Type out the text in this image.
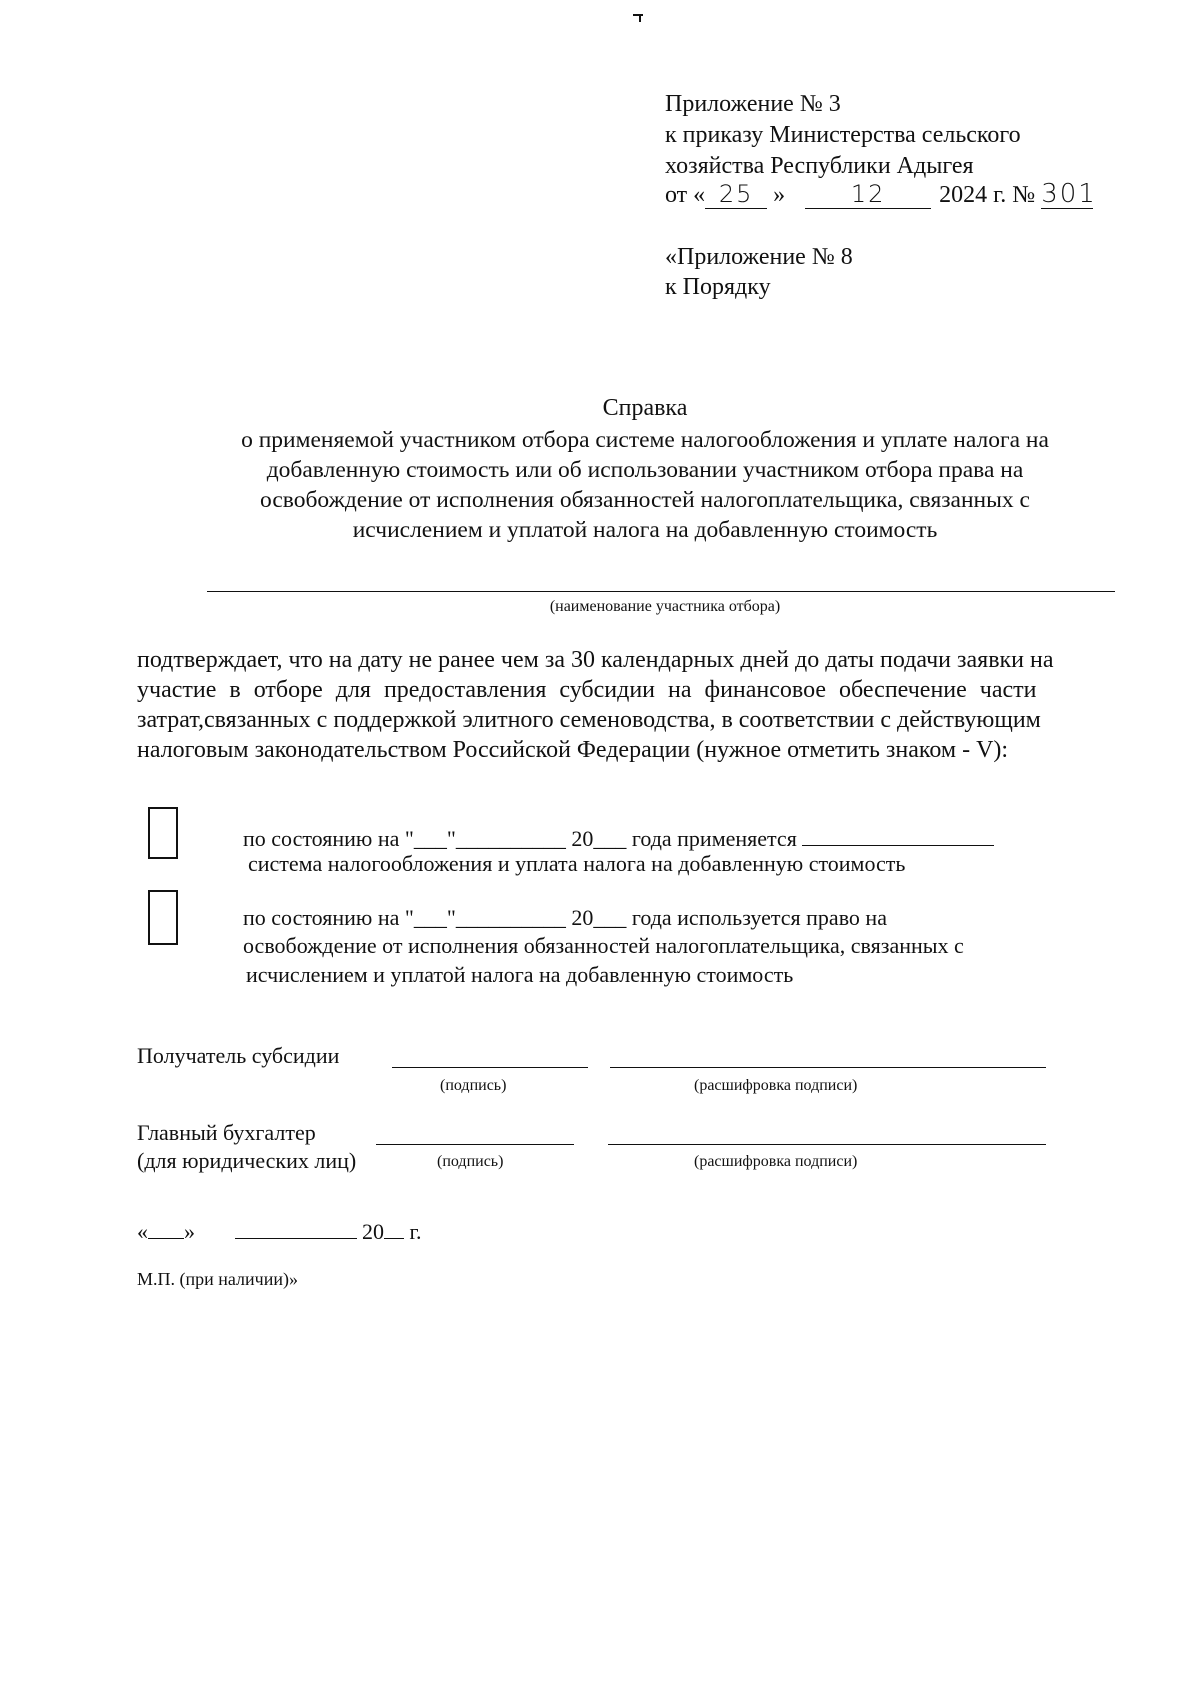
Приложение № 3
к приказу Министерства сельского
хозяйства Республики Адыгея
от « 25 »	12 2024 г. № 301
«Приложение № 8
к Порядку
Справка
о применяемой участником отбора системе налогообложения и уплате налога на
добавленную стоимость или об использовании участником отбора права на
освобождение от исполнения обязанностей налогоплательщика, связанных с
исчислением и уплатой налога на добавленную стоимость
(наименование участника отбора)
подтверждает, что на дату не ранее чем за 30 календарных дней до даты подачи заявки на
участие в отборе для предоставления субсидии на финансовое обеспечение части
затрат,связанных с поддержкой элитного семеноводства, в соответствии с действующим
налоговым законодательством Российской Федерации (нужное отметить знаком - V):
по состоянию на "___"__________ 20___ года применяется
система налогообложения и уплата налога на добавленную стоимость
по состоянию на "___"__________ 20___ года используется право на
освобождение от исполнения обязанностей налогоплательщика, связанных с
исчислением и уплатой налога на добавленную стоимость
Получатель субсидии
(подпись)	(расшифровка подписи)
Главный бухгалтер
(для юридических лиц)	(подпись)	(расшифровка подписи)
« »	20 г.
М.П. (при наличии)»
